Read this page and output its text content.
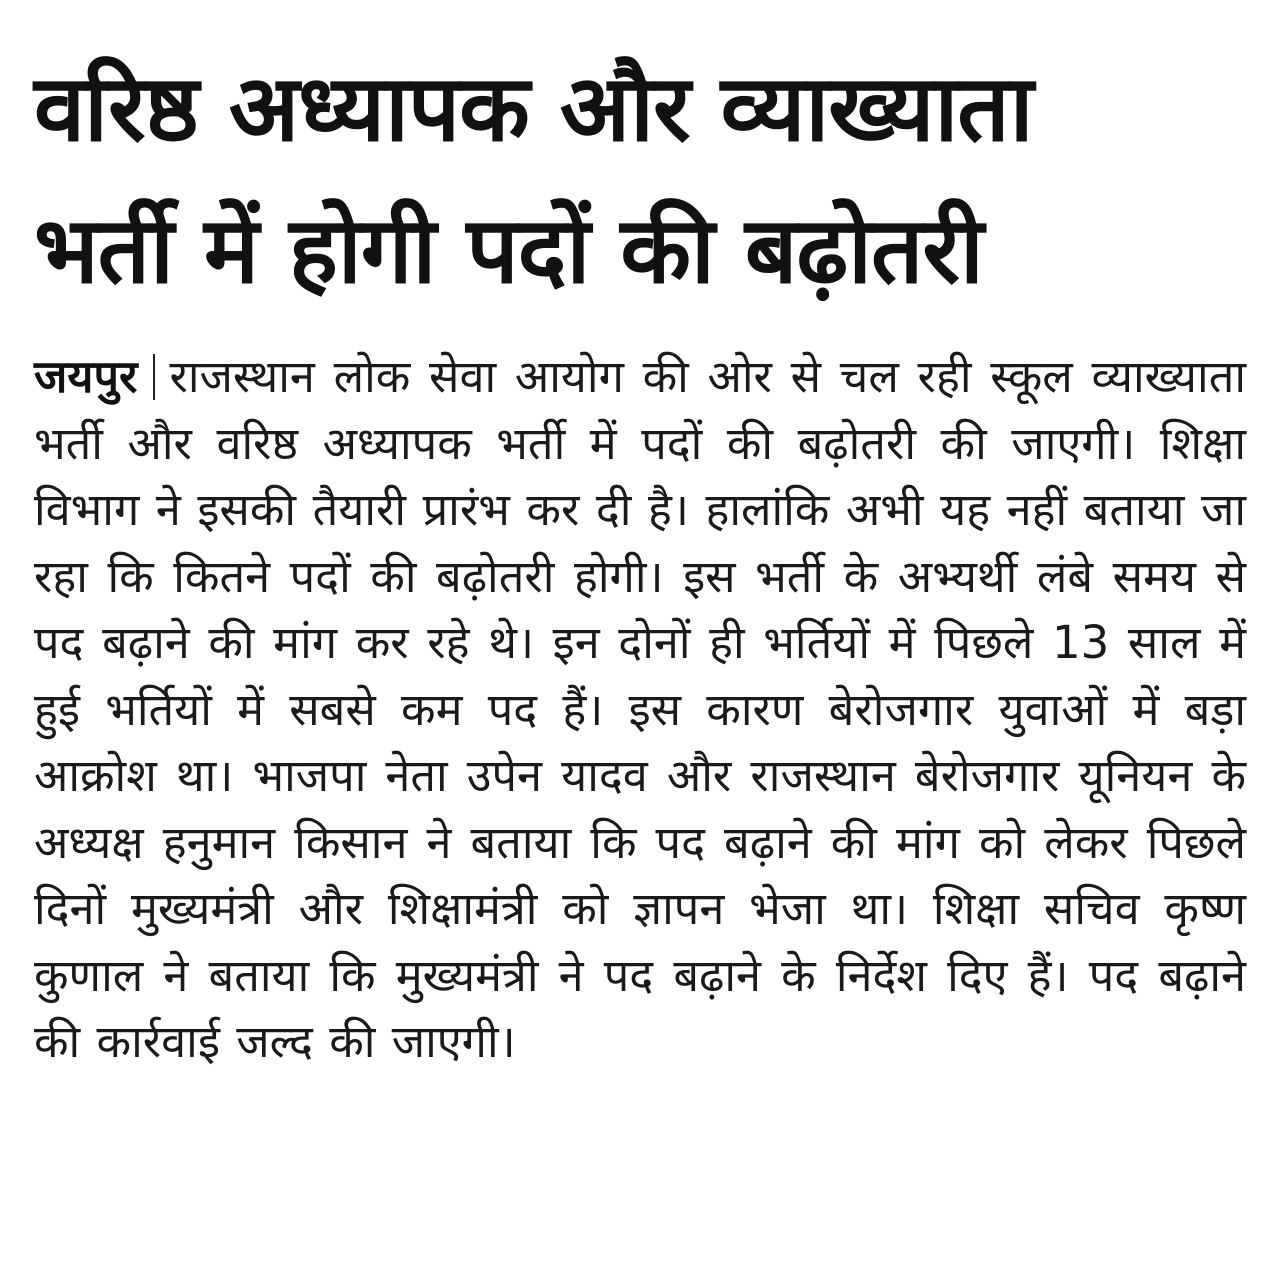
वरिष्ठ अध्यापक और व्याख्याता
भर्ती में होगी पदों की बढ़ोतरी

जयपुर राजस्थान लोक सेवा आयोग की ओर से चल रही स्कूल व्याख्याता भर्ती और वरिष्ठ अध्यापक भर्ती में पदों की बढ़ोतरी की जाएगी। शिक्षा विभाग ने इसकी तैयारी प्रारंभ कर दी है। हालांकि अभी यह नहीं बताया जा रहा कि कितने पदों की बढ़ोतरी होगी। इस भर्ती के अभ्यर्थी लंबे समय से पद बढ़ाने की मांग कर रहे थे। इन दोनों ही भर्तियों में पिछले 13 साल में हुई भर्तियों में सबसे कम पद हैं। इस कारण बेरोजगार युवाओं में बड़ा आक्रोश था। भाजपा नेता उपेन यादव और राजस्थान बेरोजगार यूनियन के अध्यक्ष हनुमान किसान ने बताया कि पद बढ़ाने की मांग को लेकर पिछले दिनों मुख्यमंत्री और शिक्षामंत्री को ज्ञापन भेजा था। शिक्षा सचिव कृष्ण कुणाल ने बताया कि मुख्यमंत्री ने पद बढ़ाने के निर्देश दिए हैं। पद बढ़ाने की कार्रवाई जल्द की जाएगी।
